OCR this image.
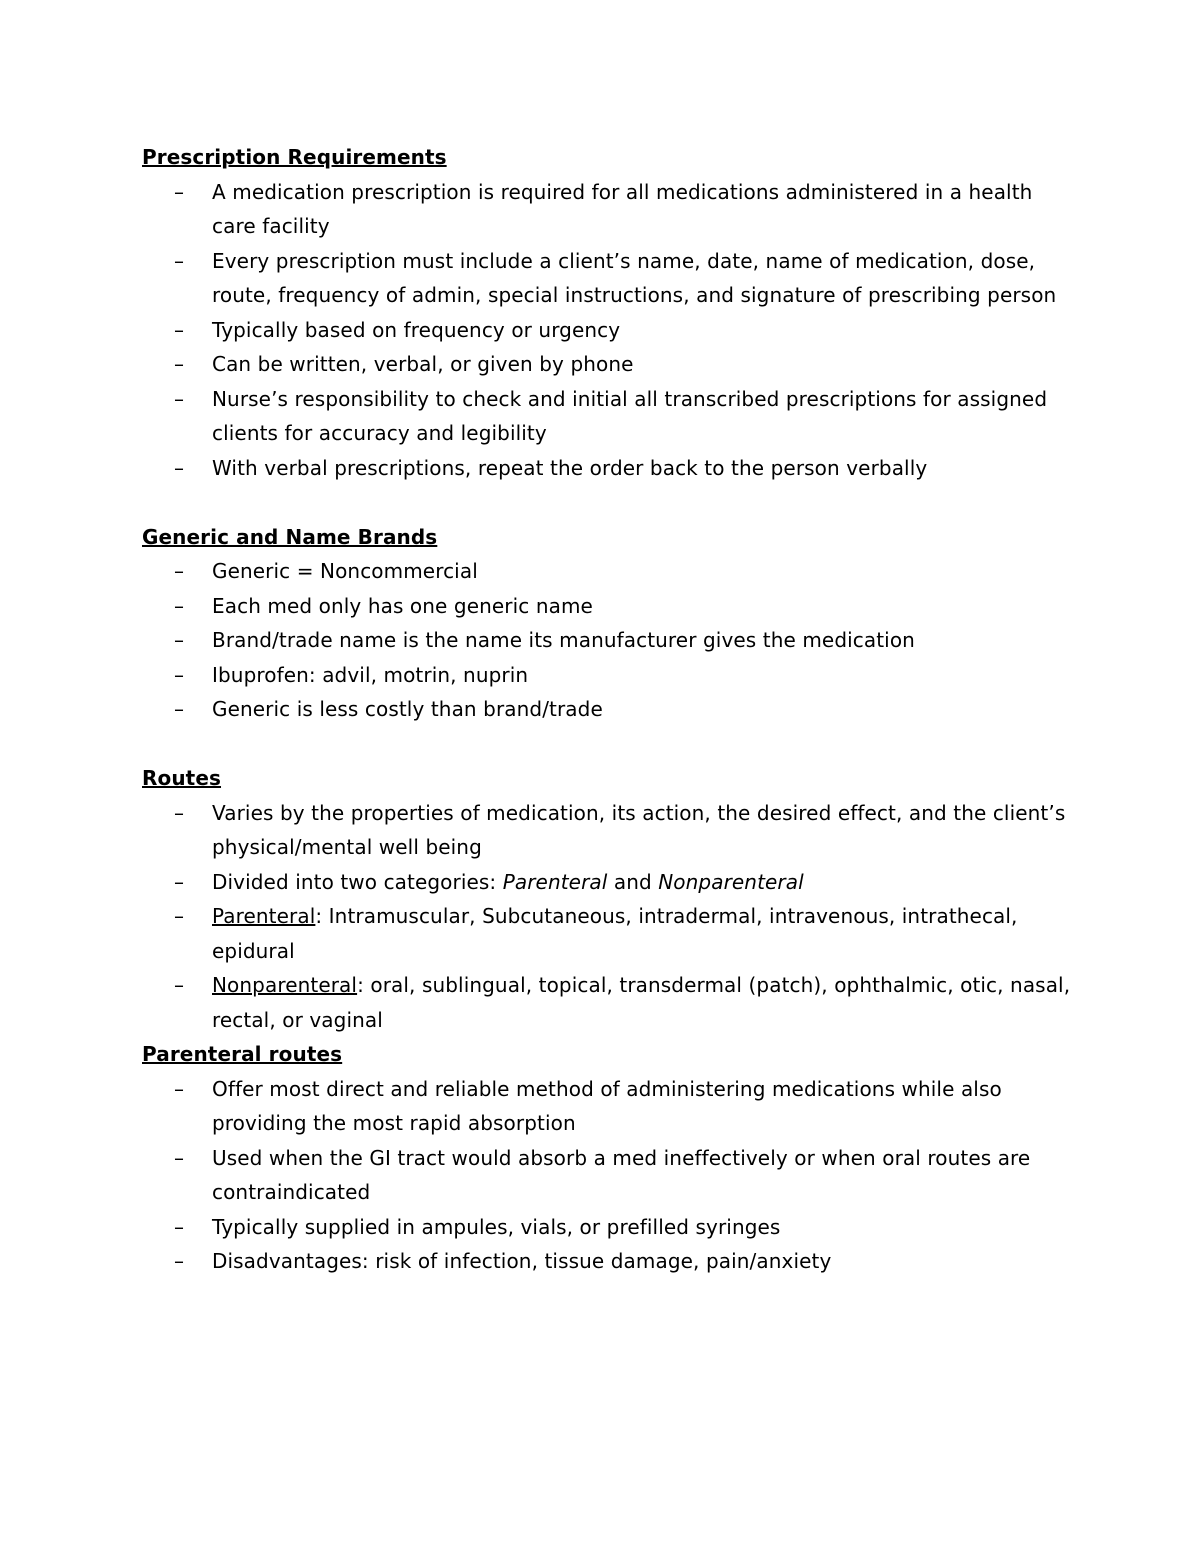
Prescription Requirements
– A medication prescription is required for all medications administered in a health care facility
– Every prescription must include a client’s name, date, name of medication, dose, route, frequency of admin, special instructions, and signature of prescribing person
– Typically based on frequency or urgency
– Can be written, verbal, or given by phone
– Nurse’s responsibility to check and initial all transcribed prescriptions for assigned clients for accuracy and legibility
– With verbal prescriptions, repeat the order back to the person verbally
Generic and Name Brands
– Generic = Noncommercial
– Each med only has one generic name
– Brand/trade name is the name its manufacturer gives the medication
– Ibuprofen: advil, motrin, nuprin
– Generic is less costly than brand/trade
Routes
– Varies by the properties of medication, its action, the desired effect, and the client’s physical/mental well being
– Divided into two categories: Parenteral and Nonparenteral
– Parenteral: Intramuscular, Subcutaneous, intradermal, intravenous, intrathecal, epidural
– Nonparenteral: oral, sublingual, topical, transdermal (patch), ophthalmic, otic, nasal, rectal, or vaginal
Parenteral routes
– Offer most direct and reliable method of administering medications while also providing the most rapid absorption
– Used when the GI tract would absorb a med ineffectively or when oral routes are contraindicated
– Typically supplied in ampules, vials, or prefilled syringes
– Disadvantages: risk of infection, tissue damage, pain/anxiety
